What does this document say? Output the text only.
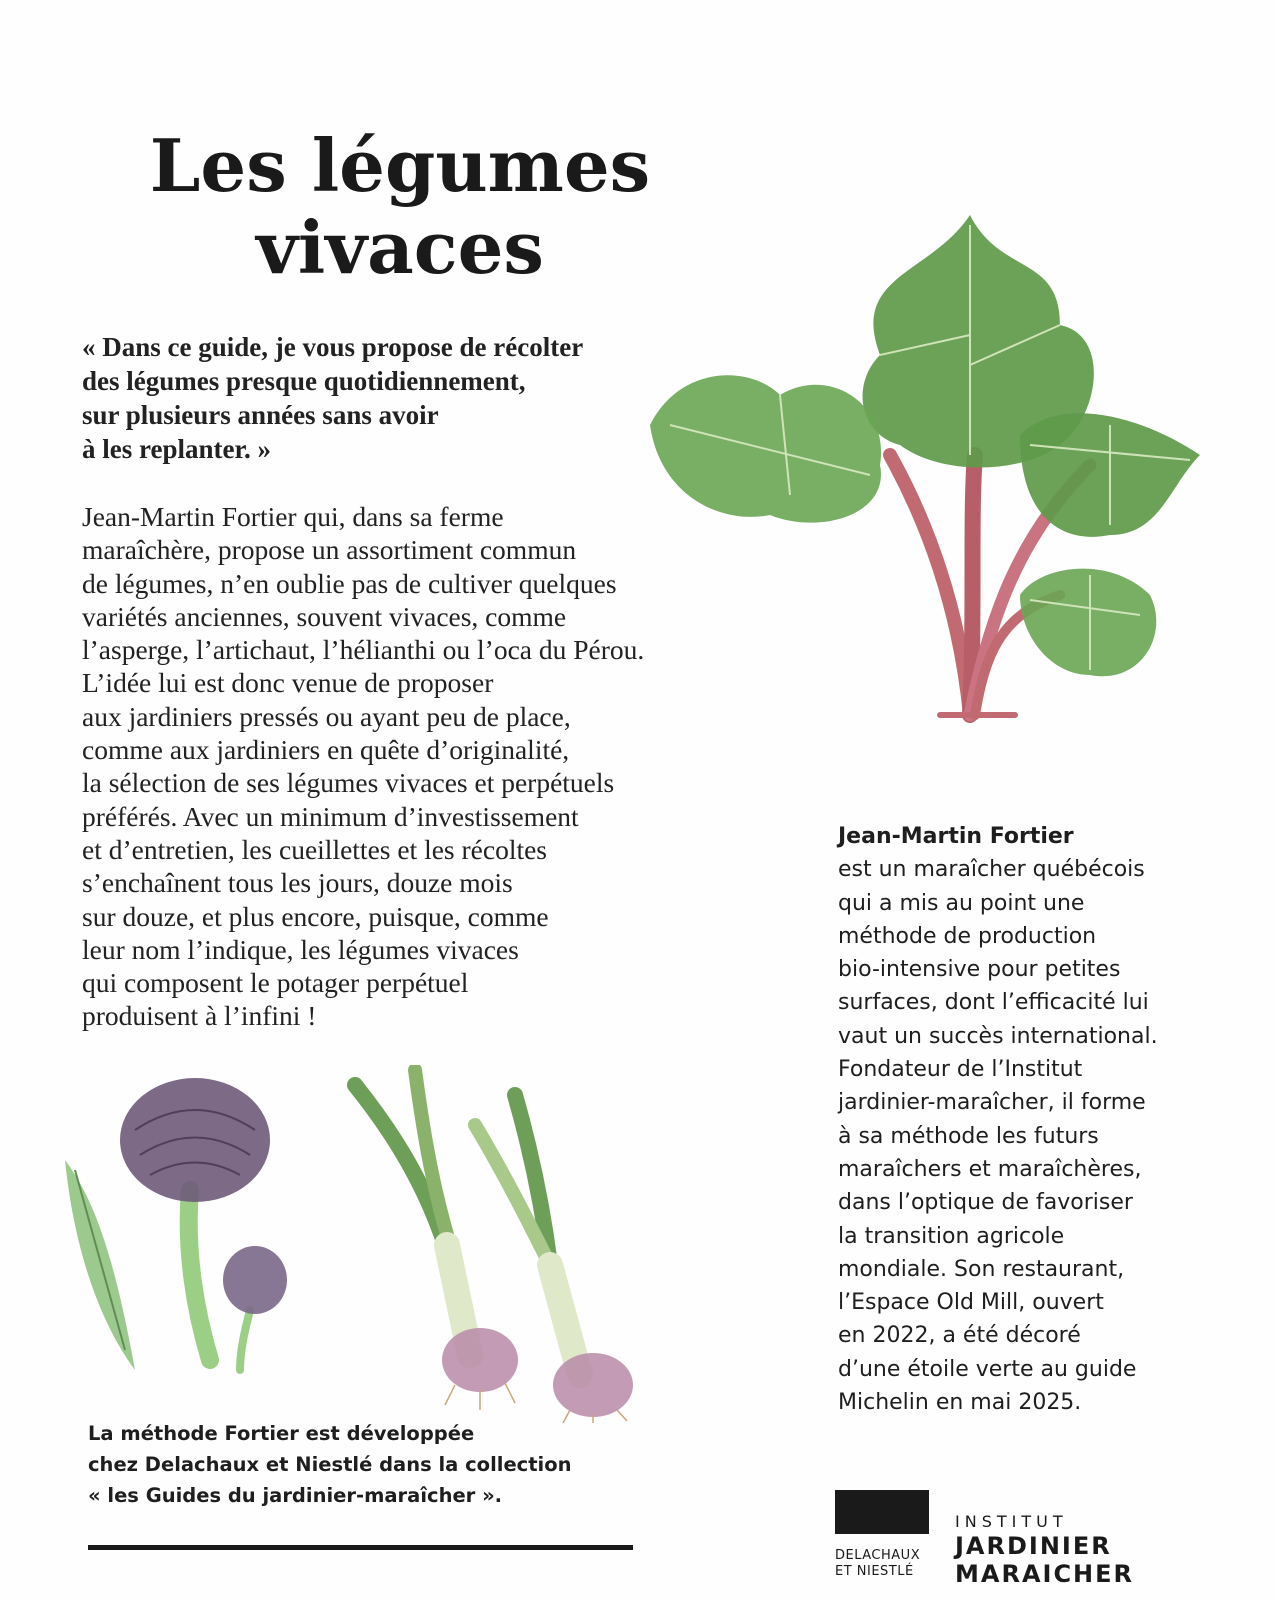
Les légumes
vivaces
« Dans ce guide, je vous propose de récolter
des légumes presque quotidiennement,
sur plusieurs années sans avoir
à les replanter. »
Jean-Martin Fortier qui, dans sa ferme
maraîchère, propose un assortiment commun
de légumes, n’en oublie pas de cultiver quelques
variétés anciennes, souvent vivaces, comme
l’asperge, l’artichaut, l’hélianthi ou l’oca du Pérou.
L’idée lui est donc venue de proposer
aux jardiniers pressés ou ayant peu de place,
comme aux jardiniers en quête d’originalité,
la sélection de ses légumes vivaces et perpétuels
préférés. Avec un minimum d’investissement
et d’entretien, les cueillettes et les récoltes
s’enchaînent tous les jours, douze mois
sur douze, et plus encore, puisque, comme
leur nom l’indique, les légumes vivaces
qui composent le potager perpétuel
produisent à l’infini !
Jean-Martin Fortier
est un maraîcher québécois
qui a mis au point une
méthode de production
bio-intensive pour petites
surfaces, dont l’efficacité lui
vaut un succès international.
Fondateur de l’Institut
jardinier-maraîcher, il forme
à sa méthode les futurs
maraîchers et maraîchères,
dans l’optique de favoriser
la transition agricole
mondiale. Son restaurant,
l’Espace Old Mill, ouvert
en 2022, a été décoré
d’une étoile verte au guide
Michelin en mai 2025.
La méthode Fortier est développée
chez Delachaux et Niestlé dans la collection
« les Guides du jardinier-maraîcher ».
DELACHAUX
ET NIESTLÉ
INSTITUT
JARDINIER
MARAICHER
